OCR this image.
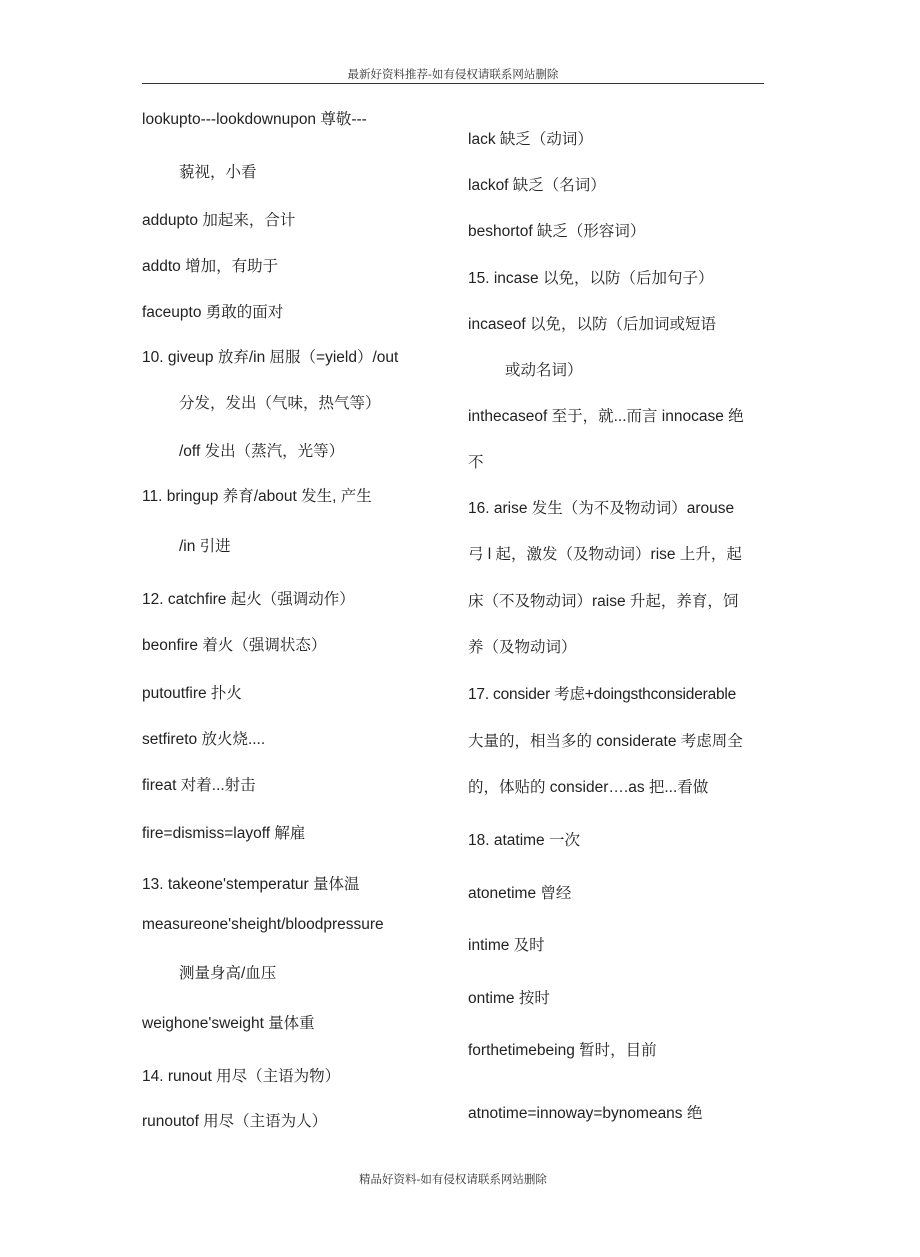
最新好资料推荐-如有侵权请联系网站删除
lookupto---lookdownupon 尊敬---
藐视，小看
addupto 加起来，合计
addto 增加，有助于
faceupto 勇敢的面对
10. giveup 放弃/in 屈服（=yield）/out
分发，发出（气味，热气等）
/off 发出（蒸汽，光等）
11. bringup 养育/about 发生, 产生
/in 引进
12. catchfire 起火（强调动作）
beonfire 着火（强调状态）
putoutfire 扑火
setfireto 放火烧....
fireat 对着...射击
fire=dismiss=layoff 解雇
13. takeone'stemperatur 量体温
measureone'sheight/bloodpressure
测量身高/血压
weighone'sweight 量体重
14. runout 用尽（主语为物）
runoutof 用尽（主语为人）
lack 缺乏（动词）
lackof 缺乏（名词）
beshortof 缺乏（形容词）
15. incase 以免，以防（后加句子）
incaseof 以免，以防（后加词或短语
或动名词）
inthecaseof 至于，就...而言 innocase 绝
不
16. arise 发生（为不及物动词）arouse
弓 l 起，激发（及物动词）rise 上升，起
床（不及物动词）raise 升起，养育，饲
养（及物动词）
17. consider 考虑+doingsthconsiderable
大量的，相当多的 considerate 考虑周全
的，体贴的 consider….as 把...看做
18. atatime 一次
atonetime 曾经
intime 及时
ontime 按时
forthetimebeing 暂时，目前
atnotime=innoway=bynomeans 绝
精品好资料-如有侵权请联系网站删除
